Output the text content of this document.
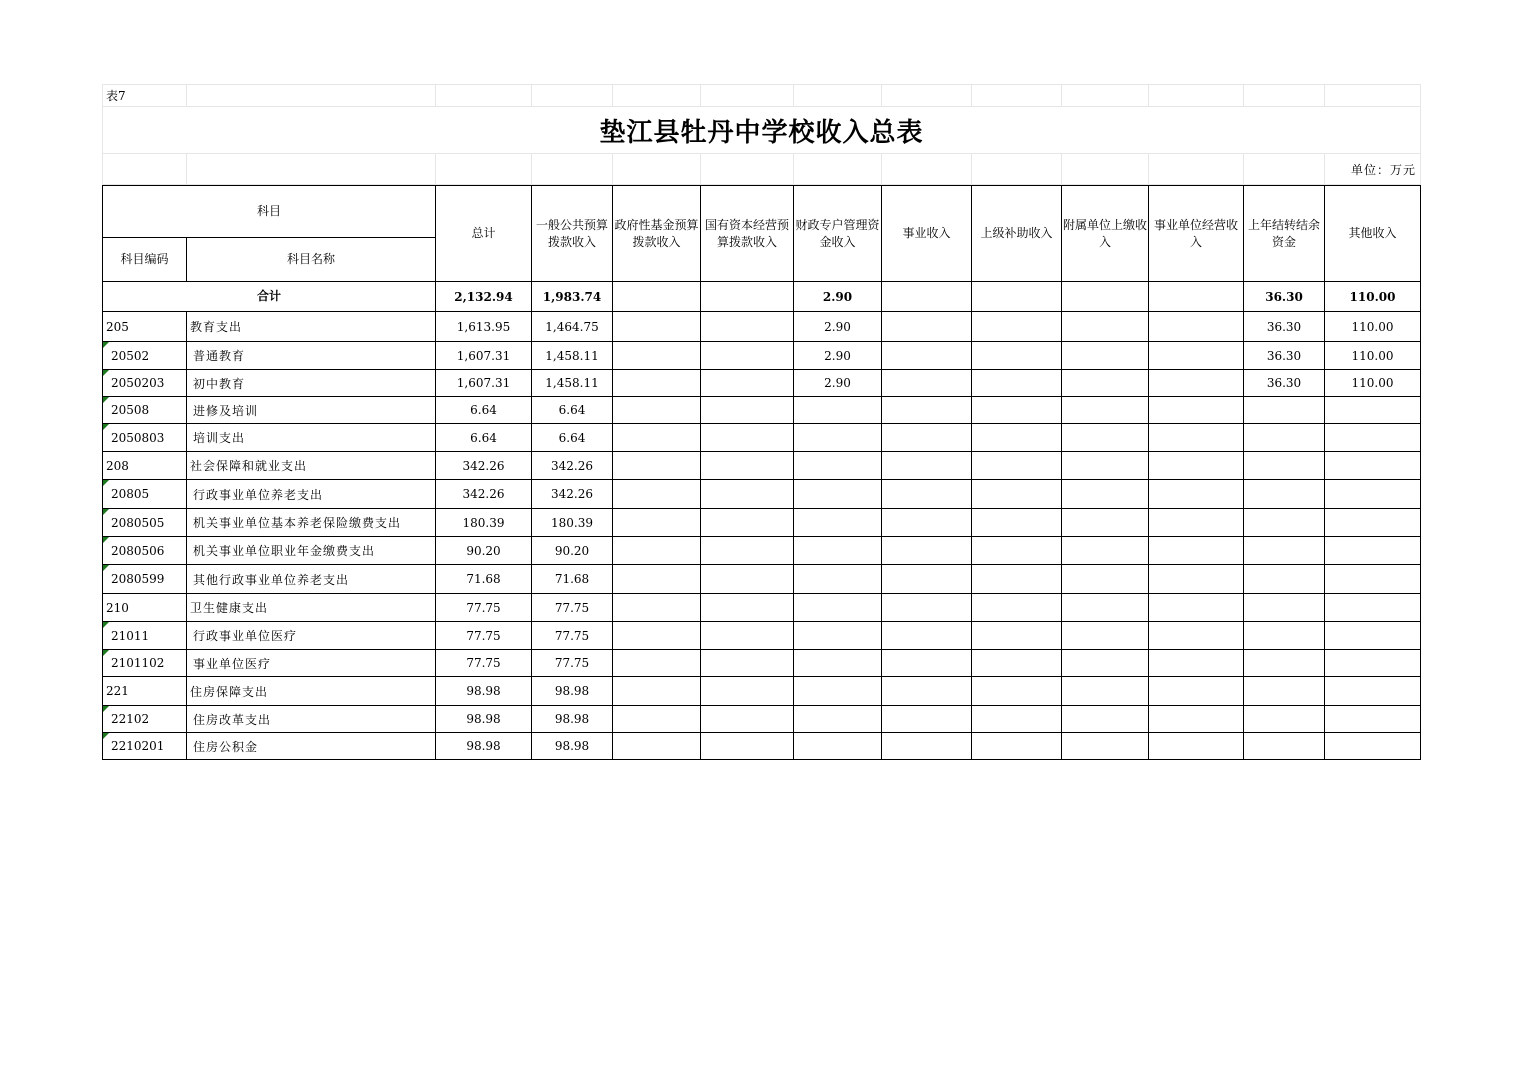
表7												
垫江县牡丹中学校收入总表												
												单位：万元
科目		总计	一般公共预算拨款收入	政府性基金预算拨款收入	国有资本经营预算拨款收入	财政专户管理资金收入	事业收入	上级补助收入	附属单位上缴收入	事业单位经营收入	上年结转结余资金	其他收入
科目编码	科目名称											
合计		2,132.94	1,983.74			2.90					36.30	110.00
205	教育支出	1,613.95	1,464.75			2.90					36.30	110.00

20502	普通教育	1,607.31	1,458.11			2.90					36.30	110.00

2050203	初中教育	1,607.31	1,458.11			2.90					36.30	110.00

20508	进修及培训	6.64	6.64									

2050803	培训支出	6.64	6.64									
208	社会保障和就业支出	342.26	342.26									

20805	行政事业单位养老支出	342.26	342.26									

2080505	机关事业单位基本养老保险缴费支出	180.39	180.39									

2080506	机关事业单位职业年金缴费支出	90.20	90.20									

2080599	其他行政事业单位养老支出	71.68	71.68									
210	卫生健康支出	77.75	77.75									

21011	行政事业单位医疗	77.75	77.75									

2101102	事业单位医疗	77.75	77.75									
221	住房保障支出	98.98	98.98									

22102	住房改革支出	98.98	98.98									

2210201	住房公积金	98.98	98.98									
